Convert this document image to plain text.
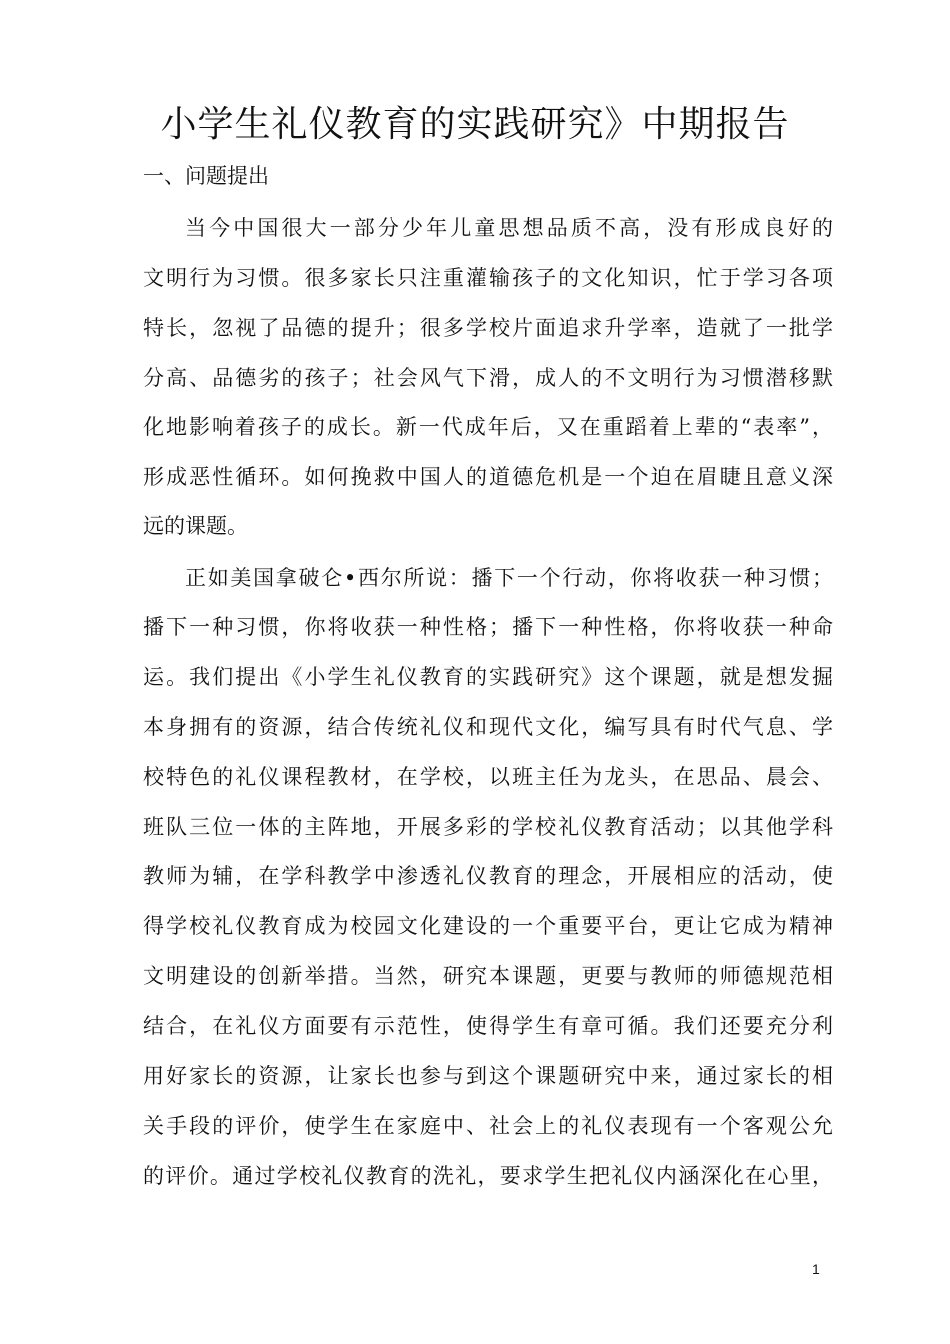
小学生礼仪教育的实践研究》中期报告
一、问题提出
当今中国很大一部分少年儿童思想品质不高，没有形成良好的
文明行为习惯。很多家长只注重灌输孩子的文化知识，忙于学习各项
特长，忽视了品德的提升；很多学校片面追求升学率，造就了一批学
分高、品德劣的孩子；社会风气下滑，成人的不文明行为习惯潜移默
化地影响着孩子的成长。新一代成年后，又在重蹈着上辈的“表率”，
形成恶性循环。如何挽救中国人的道德危机是一个迫在眉睫且意义深
远的课题。
正如美国拿破仑•西尔所说：播下一个行动，你将收获一种习惯；
播下一种习惯，你将收获一种性格；播下一种性格，你将收获一种命
运。我们提出《小学生礼仪教育的实践研究》这个课题，就是想发掘
本身拥有的资源，结合传统礼仪和现代文化，编写具有时代气息、学
校特色的礼仪课程教材，在学校，以班主任为龙头，在思品、晨会、
班队三位一体的主阵地，开展多彩的学校礼仪教育活动；以其他学科
教师为辅，在学科教学中渗透礼仪教育的理念，开展相应的活动，使
得学校礼仪教育成为校园文化建设的一个重要平台，更让它成为精神
文明建设的创新举措。当然，研究本课题，更要与教师的师德规范相
结合，在礼仪方面要有示范性，使得学生有章可循。我们还要充分利
用好家长的资源，让家长也参与到这个课题研究中来，通过家长的相
关手段的评价，使学生在家庭中、社会上的礼仪表现有一个客观公允
的评价。通过学校礼仪教育的洗礼，要求学生把礼仪内涵深化在心里，
1
